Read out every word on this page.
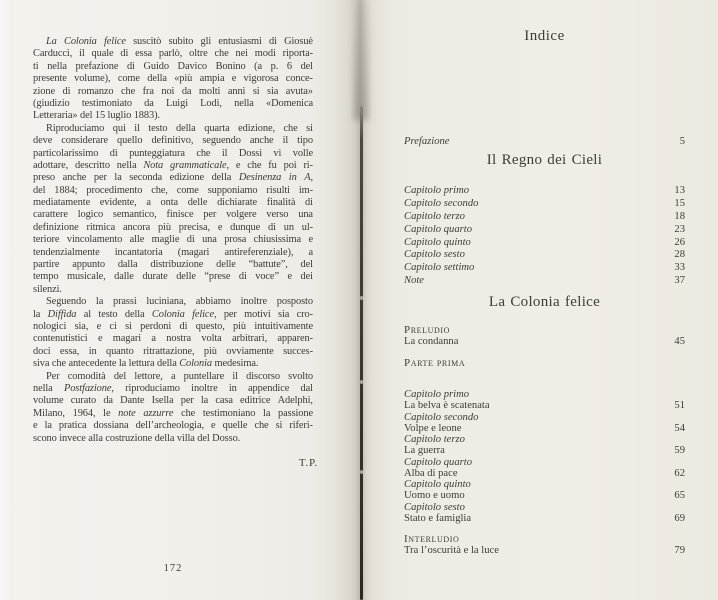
La Colonia felice suscitò subito gli entusiasmi di Giosuè
Carducci, il quale di essa parlò, oltre che nei modi riporta-
ti nella prefazione di Guido Davico Bonino (a p. 6 del
presente volume), come della «più ampia e vigorosa conce-
zione di romanzo che fra noi da molti anni si sia avuta»
(giudizio testimoniato da Luigi Lodi, nella «Domenica
Letteraria» del 15 luglio 1883).
Riproduciamo qui il testo della quarta edizione, che si
deve considerare quello definitivo, seguendo anche il tipo
particolarissimo di punteggiatura che il Dossi vi volle
adottare, descritto nella Nota grammaticale, e che fu poi ri-
preso anche per la seconda edizione della Desinenza in A,
del 1884; procedimento che, come supponiamo risulti im-
mediatamente evidente, a onta delle dichiarate finalità di
carattere logico semantico, finisce per volgere verso una
definizione ritmica ancora più precisa, e dunque di un ul-
teriore vincolamento alle maglie di una prosa chiusissima e
tendenzialmente incantatoria (magari antireferenziale), a
partire appunto dalla distribuzione delle “battute”, del
tempo musicale, dalle durate delle “prese di voce” e dei
silenzi.
Seguendo la prassi luciniana, abbiamo inoltre posposto
la Diffida al testo della Colonia felice, per motivi sia cro-
nologici sia, e ci si perdoni di questo, più intuitivamente
contenutistici e magari a nostra volta arbitrari, apparen-
doci essa, in quanto ritrattazione, più ovviamente succes-
siva che antecedente la lettura della Colonia medesima.
Per comodità del lettore, a puntellare il discorso svolto
nella Postfazione, riproduciamo inoltre in appendice dal
volume curato da Dante Isella per la casa editrice Adelphi,
Milano, 1964, le note azzurre che testimoniano la passione
e la pratica dossiana dell’archeologia, e quelle che si riferi-
scono invece alla costruzione della villa del Dosso.
T.P.
172
Indice
Prefazione	5
Il Regno dei Cieli
Capitolo primo	13
Capitolo secondo	15
Capitolo terzo	18
Capitolo quarto	23
Capitolo quinto	26
Capitolo sesto	28
Capitolo settimo	33
Note	37
La Colonia felice
Preludio
La condanna	45
Parte prima
Capitolo primo
La belva è scatenata	51
Capitolo secondo
Volpe e leone	54
Capitolo terzo
La guerra	59
Capitolo quarto
Alba di pace	62
Capitolo quinto
Uomo e uomo	65
Capitolo sesto
Stato e famiglia	69
Interludio
Tra l’oscurità e la luce	79
